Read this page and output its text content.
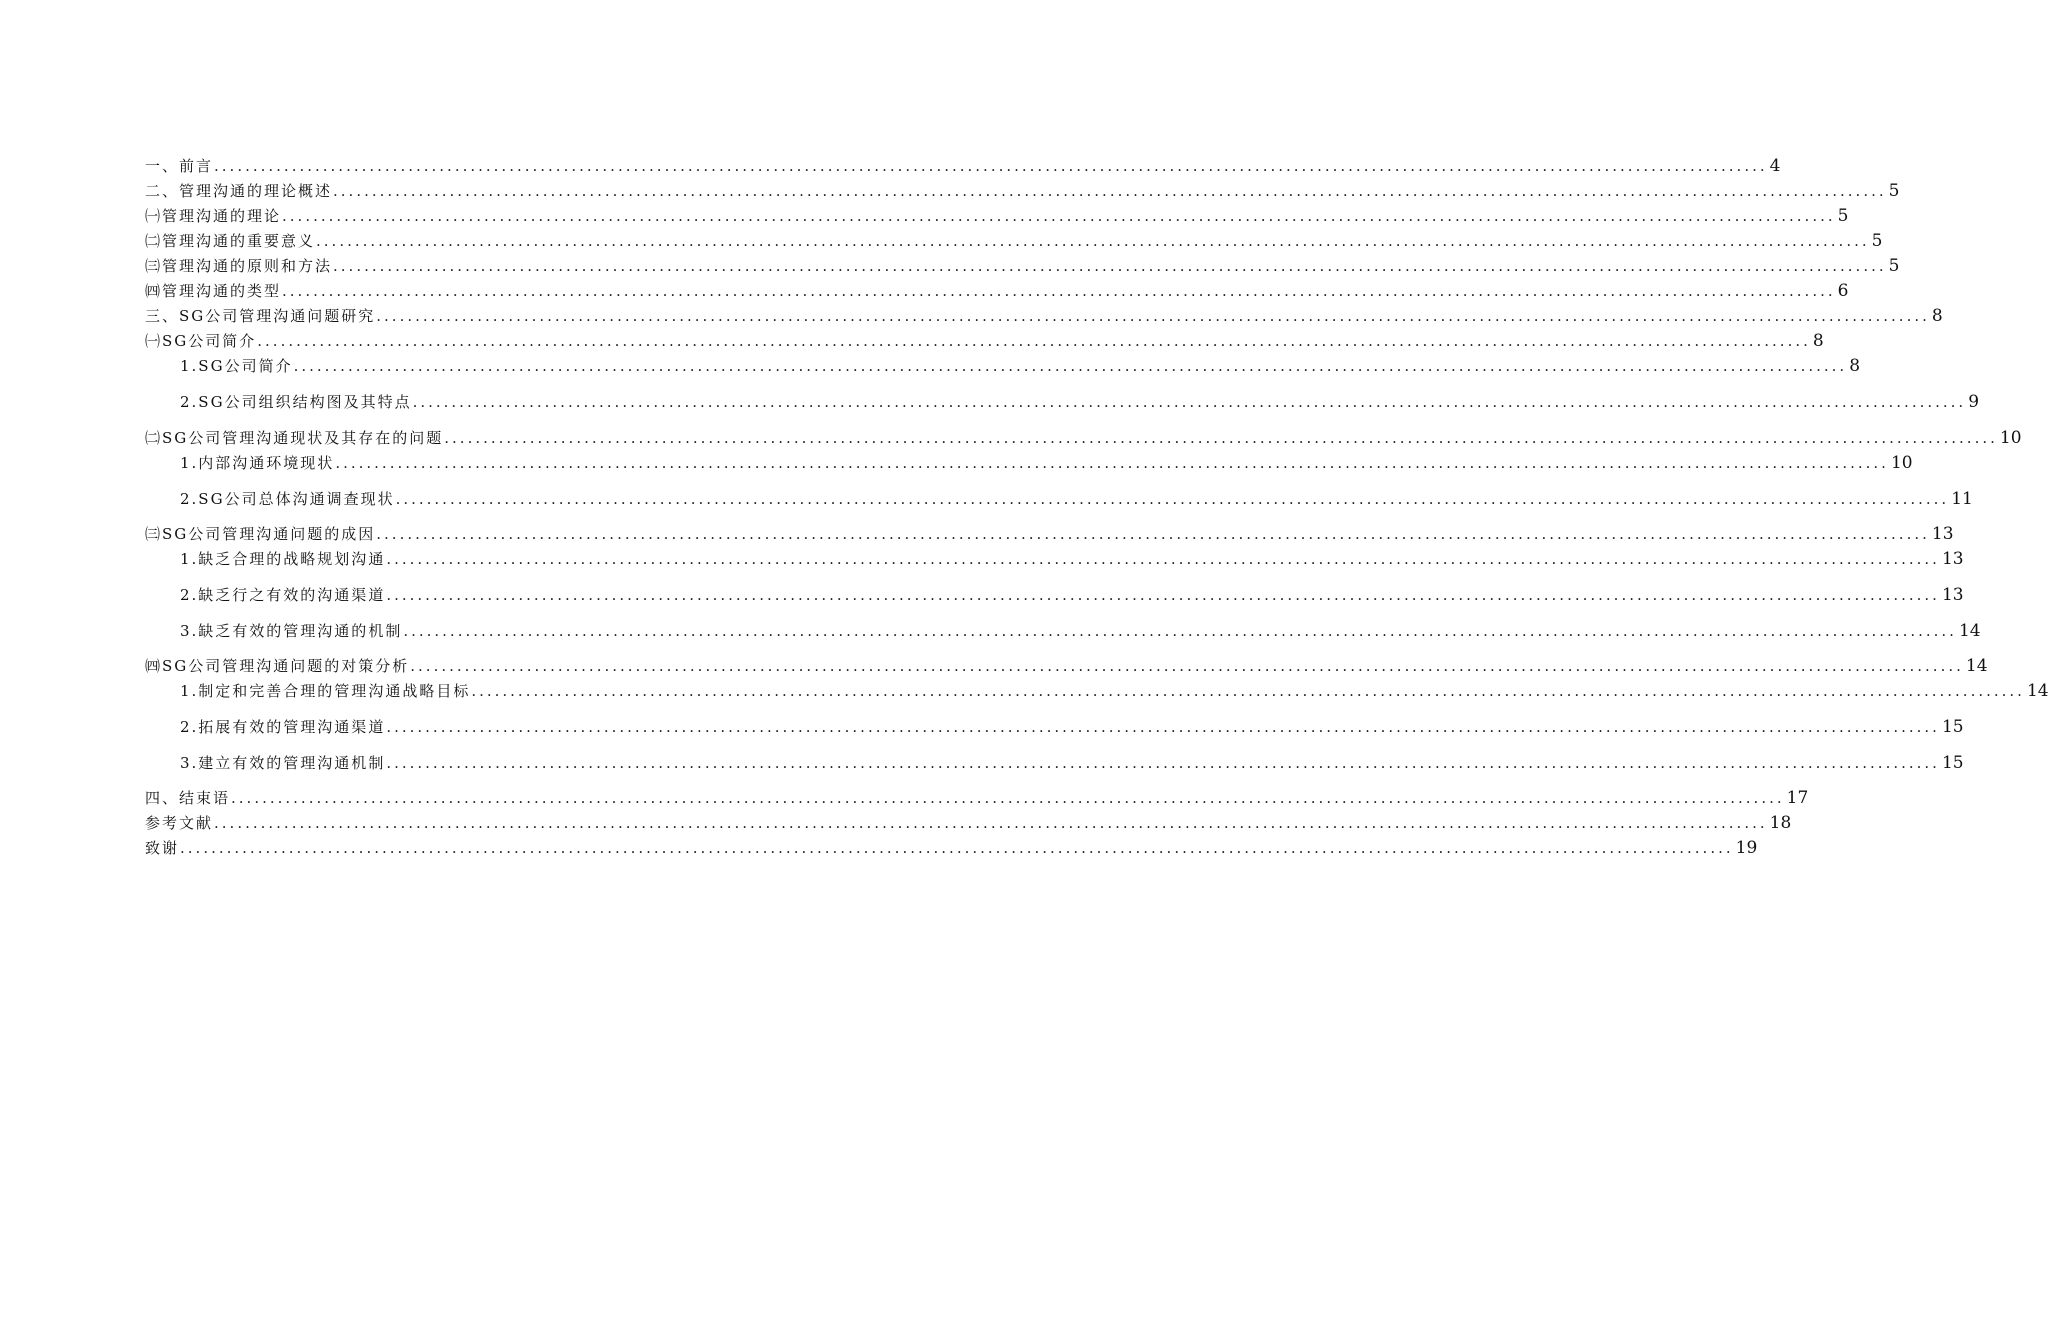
一、前言 ........................................................................................................................................................................................................ 4
二、管理沟通的理论概述 ........................................................................................................................................................................................................ 5
㈠管理沟通的理论 ........................................................................................................................................................................................................ 5
㈡管理沟通的重要意义 ........................................................................................................................................................................................................ 5
㈢管理沟通的原则和方法 ........................................................................................................................................................................................................ 5
㈣管理沟通的类型 ........................................................................................................................................................................................................ 6
三、SG公司管理沟通问题研究 ........................................................................................................................................................................................................ 8
㈠SG公司简介 ........................................................................................................................................................................................................ 8
1.SG公司简介 ........................................................................................................................................................................................................ 8
2.SG公司组织结构图及其特点 ........................................................................................................................................................................................................ 9
㈡SG公司管理沟通现状及其存在的问题 ........................................................................................................................................................................................................ 10
1.内部沟通环境现状 ........................................................................................................................................................................................................ 10
2.SG公司总体沟通调查现状 ........................................................................................................................................................................................................ 11
㈢SG公司管理沟通问题的成因 ........................................................................................................................................................................................................ 13
1.缺乏合理的战略规划沟通 ........................................................................................................................................................................................................ 13
2.缺乏行之有效的沟通渠道 ........................................................................................................................................................................................................ 13
3.缺乏有效的管理沟通的机制 ........................................................................................................................................................................................................ 14
㈣SG公司管理沟通问题的对策分析 ........................................................................................................................................................................................................ 14
1.制定和完善合理的管理沟通战略目标 ........................................................................................................................................................................................................ 14
2.拓展有效的管理沟通渠道 ........................................................................................................................................................................................................ 15
3.建立有效的管理沟通机制 ........................................................................................................................................................................................................ 15
四、结束语 ........................................................................................................................................................................................................ 17
参考文献 ........................................................................................................................................................................................................ 18
致谢 ........................................................................................................................................................................................................ 19
